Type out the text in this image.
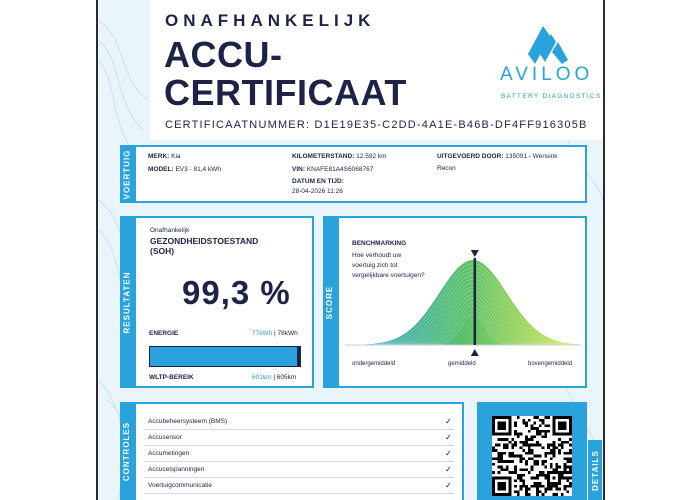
ONAFHANKELIJK
ACCU-
CERTIFICAAT
CERTIFICAATNUMMER: D1E19E35-C2DD-4A1E-B46B-DF4FF916305B
AVILOO
BATTERY DIAGNOSTICS
VOERTUIG	MERK: Kia
MODEL: EV3 - 81,4 kWh
KILOMETERSTAND: 12.592 km
VIN: KNAFE81A4S6068767
DATUM EN TIJD:
28-04-2026 11:26
UITGEVOERD DOOR: 135091 - Wensink
Recon
RESULTATEN
Onafhankelijk
GEZONDHEIDSTOESTAND
(SOH)
99,3 %
ENERGIE	77kWh | 78kWh
WLTP-BEREIK	601km | 605km
SCORE
BENCHMARKING
Hoe verhoudt uw
voertuig zich tot
vergelijkbare voertuigen?
ondergemiddeld	gemiddeld	bovengemiddeld
CONTROLES	Accubeheersysteem (BMS)	✓
Accusensor	✓
Accumetingen	✓
Accucelspanningen	✓
Voertuigcommunicatie	✓	DETAILS
